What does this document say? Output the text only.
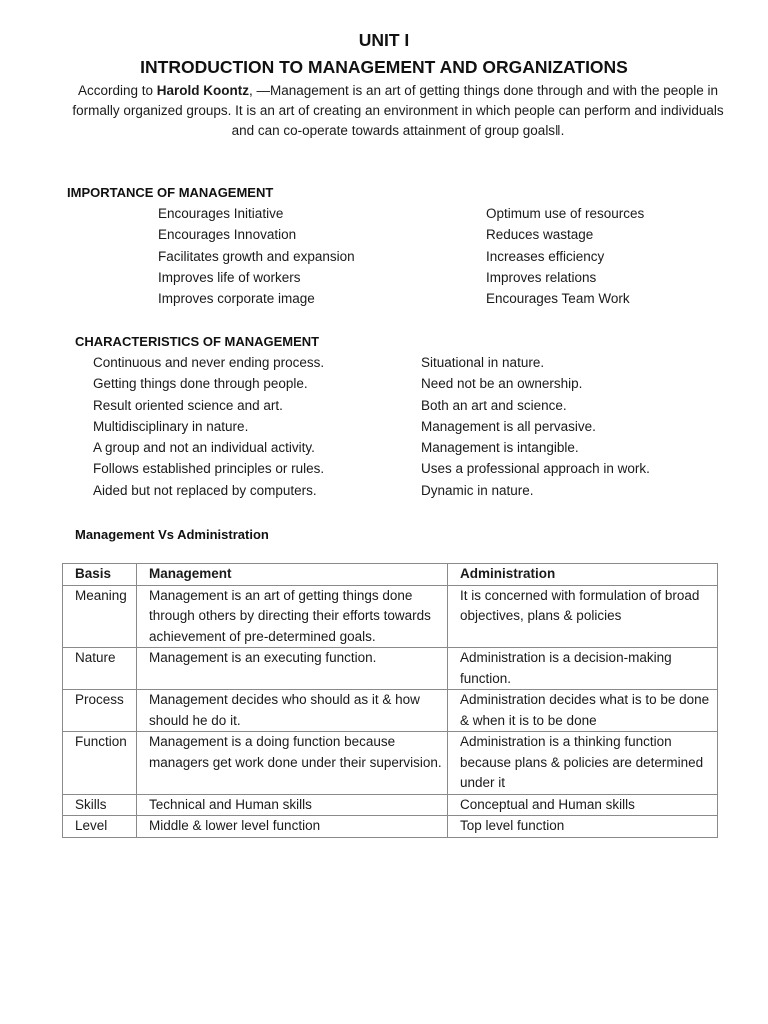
UNIT I
INTRODUCTION TO MANAGEMENT AND ORGANIZATIONS
According to Harold Koontz, ―Management is an art of getting things done through and with the people in formally organized groups. It is an art of creating an environment in which people can perform and individuals and can co-operate towards attainment of group goals‖.
IMPORTANCE OF MANAGEMENT
Encourages Initiative
Encourages Innovation
Facilitates growth and expansion
Improves life of workers
Improves corporate image
Optimum use of resources
Reduces wastage
Increases efficiency
Improves relations
Encourages Team Work
CHARACTERISTICS OF MANAGEMENT
Continuous and never ending process.
Getting things done through people.
Result oriented science and art.
Multidisciplinary in nature.
A group and not an individual activity.
Follows established principles or rules.
Aided but not replaced by computers.
Situational in nature.
Need not be an ownership.
Both an art and science.
Management is all pervasive.
Management is intangible.
Uses a professional approach in work.
Dynamic in nature.
Management Vs Administration
Basis	Management	Administration
Meaning	Management is an art of getting things done through others by directing their efforts towards achievement of pre-determined goals.	It is concerned with formulation of broad objectives, plans & policies
Nature	Management is an executing function.	Administration is a decision-making function.
Process	Management decides who should as it & how should he do it.	Administration decides what is to be done & when it is to be done
Function	Management is a doing function because managers get work done under their supervision.	Administration is a thinking function because plans & policies are determined under it
Skills	Technical and Human skills	Conceptual and Human skills
Level	Middle & lower level function	Top level function
